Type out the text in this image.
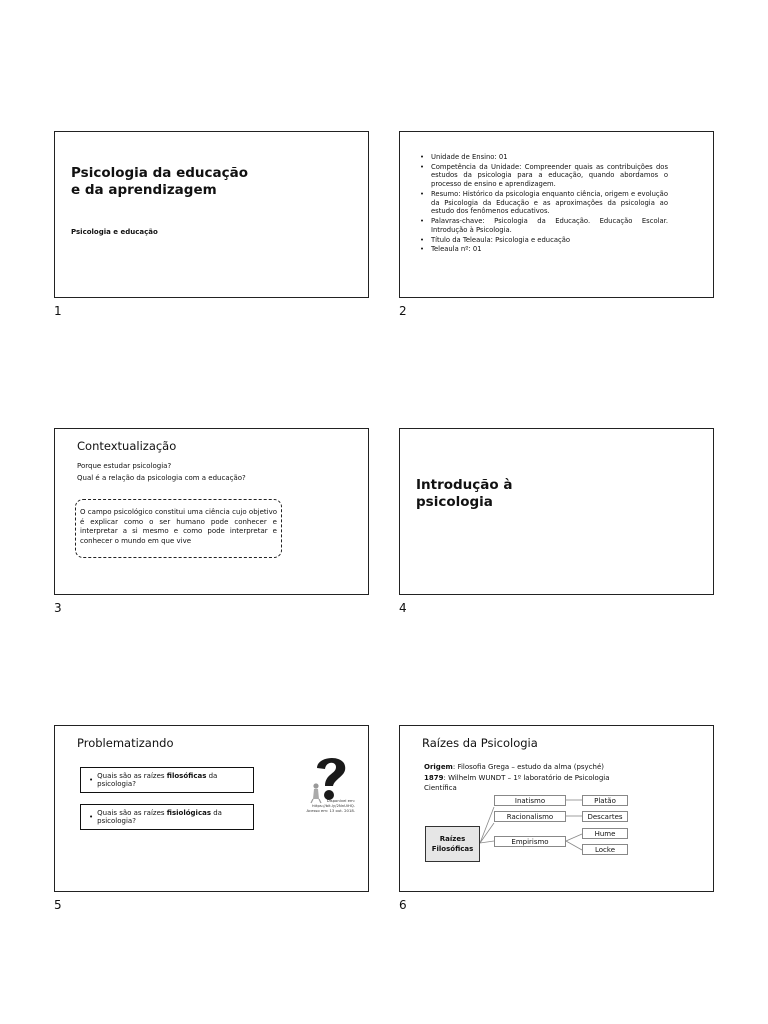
Psicologia da educação e da aprendizagem
Psicologia e educação
1
• Unidade de Ensino: 01
• Competência da Unidade: Compreender quais as contribuições dos estudos da psicologia para a educação, quando abordamos o processo de ensino e aprendizagem.
• Resumo: Histórico da psicologia enquanto ciência, origem e evolução da Psicologia da Educação e as aproximações da psicologia ao estudo dos fenômenos educativos.
• Palavras-chave: Psicologia da Educação. Educação Escolar. Introdução à Psicologia.
• Título da Teleaula: Psicologia e educação
• Teleaula nº: 01
2
Contextualização
Porque estudar psicologia?
Qual é a relação da psicologia com a educação?
O campo psicológico constitui uma ciência cujo objetivo é explicar como o ser humano pode conhecer e interpretar a si mesmo e como pode interpretar e conhecer o mundo em que vive
3
Introdução à psicologia
4
Problematizando
• Quais são as raízes filosóficas da psicologia?
• Quais são as raízes fisiológicas da psicologia?
Disponível em: https://bit.ly/2NnUiHQ.
Acesso em: 13 out. 2018.
5
Raízes da Psicologia
Origem: Filosofia Grega – estudo da alma (psyché)
1879: Wilhelm WUNDT – 1º laboratório de Psicologia Científica
Raízes Filosóficas
Inatismo
Racionalismo
Empirismo
Platão
Descartes
Hume
Locke
6
